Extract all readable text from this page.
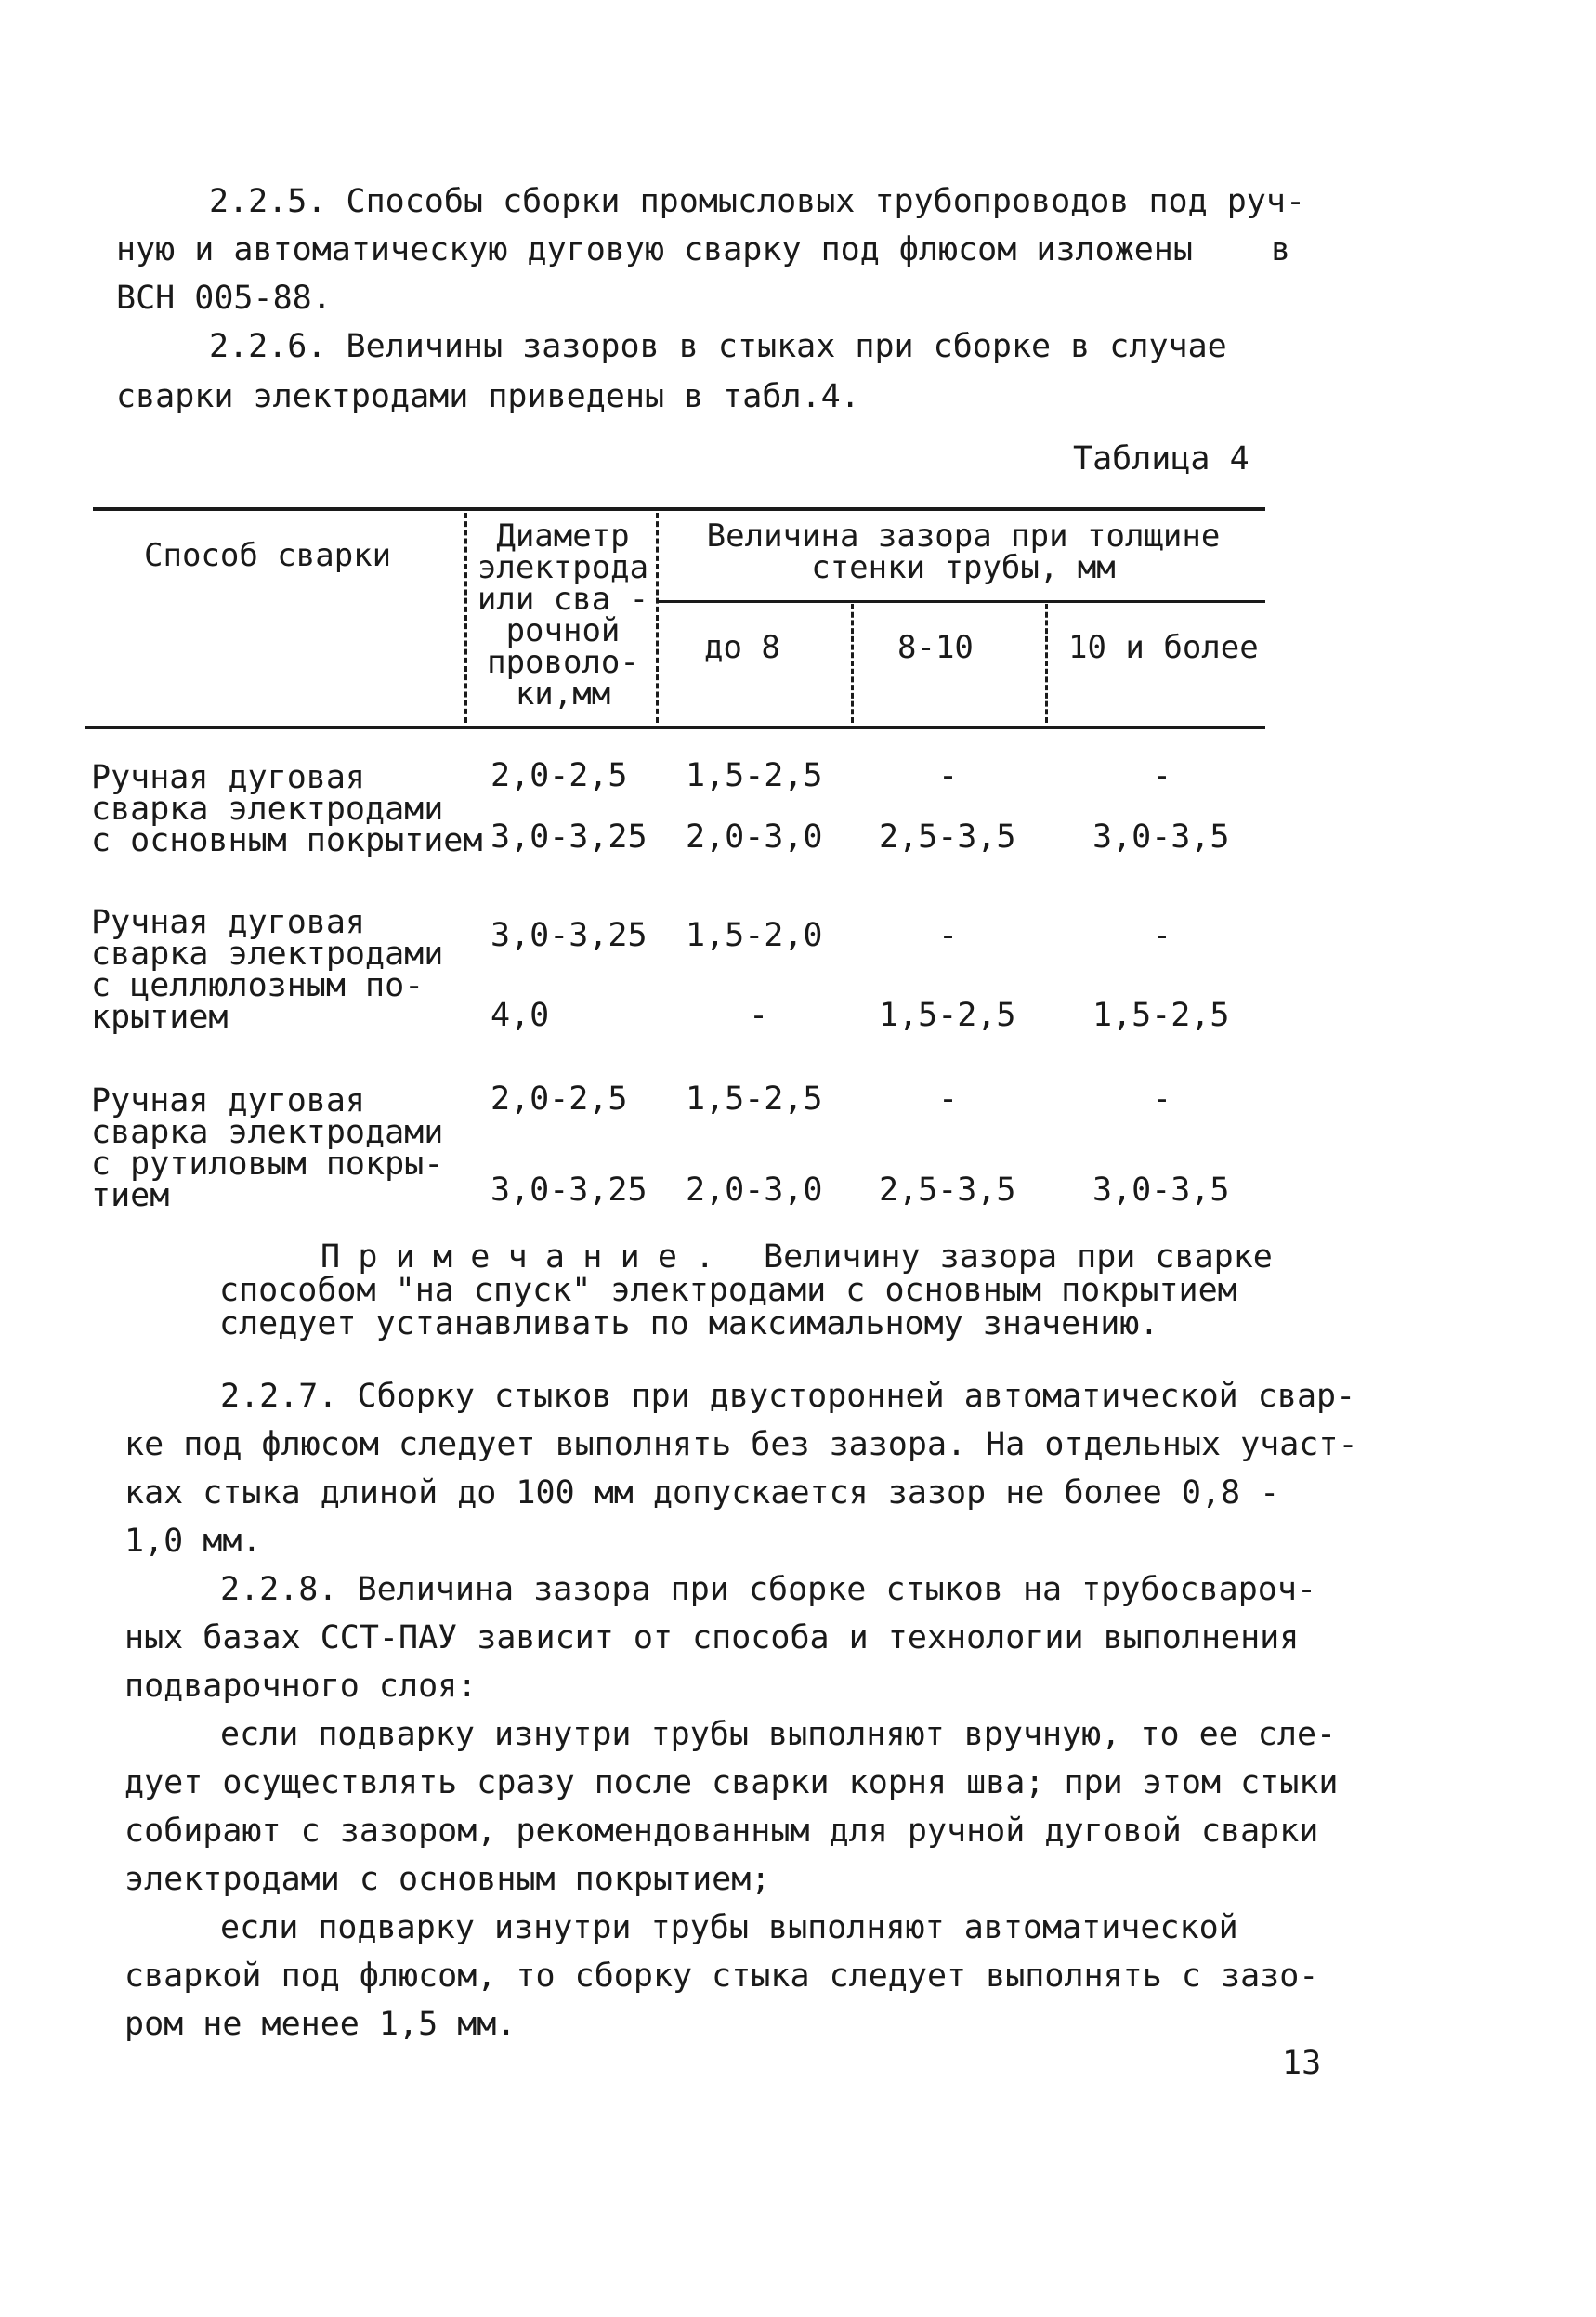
2.2.5. Способы сборки промысловых трубопроводов под руч-
ную и автоматическую дуговую сварку под флюсом изложены в
ВСН 005-88.
2.2.6. Величины зазоров в стыках при сборке в случае
сварки электродами приведены в табл.4.
Таблица 4
Способ сварки
Диаметр
электрода
или сва -
рочной
проволо-
ки,мм
Величина зазора при толщине
стенки трубы, мм
до 8	8-10	10 и более
Ручная дуговая
сварка электродами
с основным покрытием
2,0-2,5 1,5-2,5	-	-
3,0-3,25 2,0-3,0 2,5-3,5 3,0-3,5
Ручная дуговая
сварка электродами
с целлюлозным по-
крытием
3,0-3,25 1,5-2,0	-	-
4,0	-	1,5-2,5 1,5-2,5
Ручная дуговая
сварка электродами
с рутиловым покры-
тием
2,0-2,5 1,5-2,5	-	-
3,0-3,25 2,0-3,0 2,5-3,5 3,0-3,5
Примечание. Величину зазора при сварке
способом "на спуск" электродами с основным покрытием
следует устанавливать по максимальному значению.
2.2.7. Сборку стыков при двусторонней автоматической свар-
ке под флюсом следует выполнять без зазора. На отдельных участ-
ках стыка длиной до 100 мм допускается зазор не более 0,8 -
1,0 мм.
2.2.8. Величина зазора при сборке стыков на трубосвароч-
ных базах ССТ-ПАУ зависит от способа и технологии выполнения
подварочного слоя:
если подварку изнутри трубы выполняют вручную, то ее сле-
дует осуществлять сразу после сварки корня шва; при этом стыки
собирают с зазором, рекомендованным для ручной дуговой сварки
электродами с основным покрытием;
если подварку изнутри трубы выполняют автоматической
сваркой под флюсом, то сборку стыка следует выполнять с зазо-
ром не менее 1,5 мм.
13
